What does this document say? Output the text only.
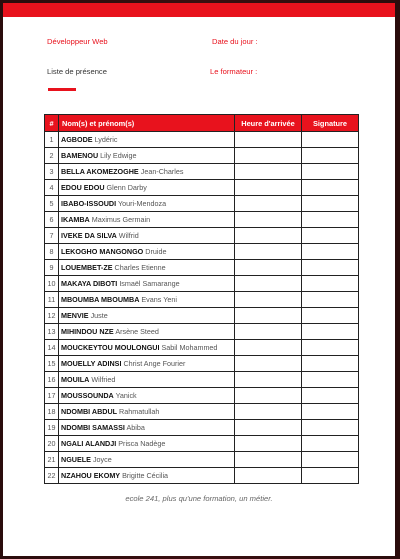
Développeur Web	Date du jour :
Liste de présence	Le formateur :
#	Nom(s) et prénom(s)	Heure d'arrivée	Signature
1	AGBODE Lydéric		
2	BAMENOU Lily Edwige		
3	BELLA AKOMEZOGHE Jean-Charles		
4	EDOU EDOU Glenn Darby		
5	IBABO-ISSOUDI Youri-Mendoza		
6	IKAMBA Maximus Germain		
7	IVEKE DA SILVA Wilfrid		
8	LEKOGHO MANGONGO Druide		
9	LOUEMBET-ZE Charles Etienne		
10	MAKAYA DIBOTI Ismaël Samarange		
11	MBOUMBA MBOUMBA Evans Yeni		
12	MENVIE Juste		
13	MIHINDOU NZE Arsène Steed		
14	MOUCKEYTOU MOULONGUI Sabil Mohammed		
15	MOUELLY ADINSI Christ Ange Fourier		
16	MOUILA Wilfried		
17	MOUSSOUNDA Yanick		
18	NDOMBI ABDUL Rahmatullah		
19	NDOMBI SAMASSI Abiba		
20	NGALI ALANDJI Prisca Nadège		
21	NGUELE Joyce		
22	NZAHOU EKOMY Brigitte Cécilia		
ecole 241, plus qu'une formation, un métier.
